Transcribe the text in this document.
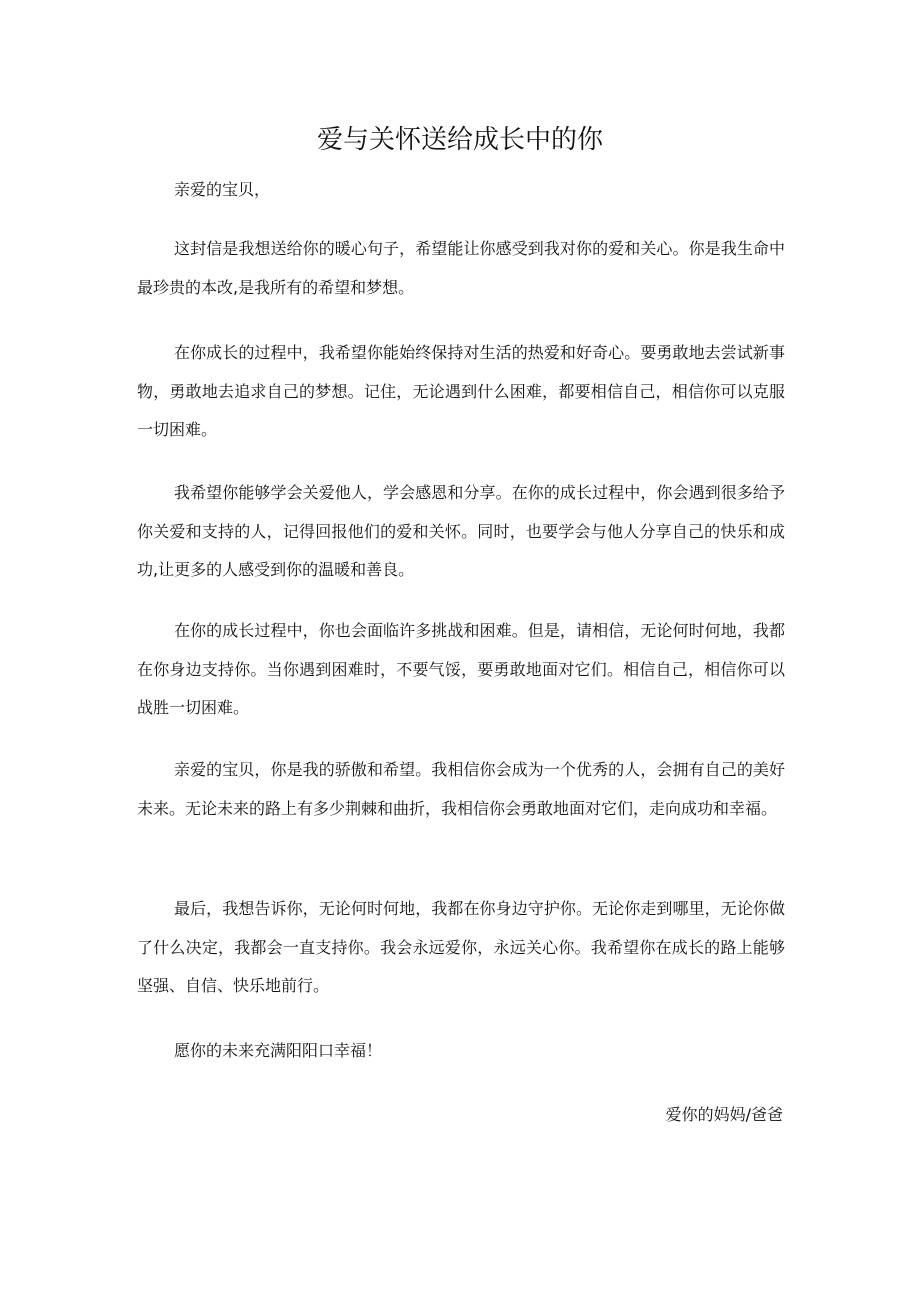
爱与关怀送给成长中的你
亲爱的宝贝，
这封信是我想送给你的暖心句子，希望能让你感受到我对你的爱和关心。你是我生命中最珍贵的本改,是我所有的希望和梦想。
在你成长的过程中，我希望你能始终保持对生活的热爱和好奇心。要勇敢地去尝试新事物，勇敢地去追求自己的梦想。记住，无论遇到什么困难，都要相信自己，相信你可以克服一切困难。
我希望你能够学会关爱他人，学会感恩和分享。在你的成长过程中，你会遇到很多给予你关爱和支持的人，记得回报他们的爱和关怀。同时，也要学会与他人分享自己的快乐和成功,让更多的人感受到你的温暖和善良。
在你的成长过程中，你也会面临许多挑战和困难。但是，请相信，无论何时何地，我都在你身边支持你。当你遇到困难时，不要气馁，要勇敢地面对它们。相信自己，相信你可以战胜一切困难。
亲爱的宝贝，你是我的骄傲和希望。我相信你会成为一个优秀的人，会拥有自己的美好未来。无论未来的路上有多少荆棘和曲折，我相信你会勇敢地面对它们，走向成功和幸福。
最后，我想告诉你，无论何时何地，我都在你身边守护你。无论你走到哪里，无论你做了什么决定，我都会一直支持你。我会永远爱你，永远关心你。我希望你在成长的路上能够坚强、自信、快乐地前行。
愿你的未来充满阳阳口幸福！
爱你的妈妈/爸爸
